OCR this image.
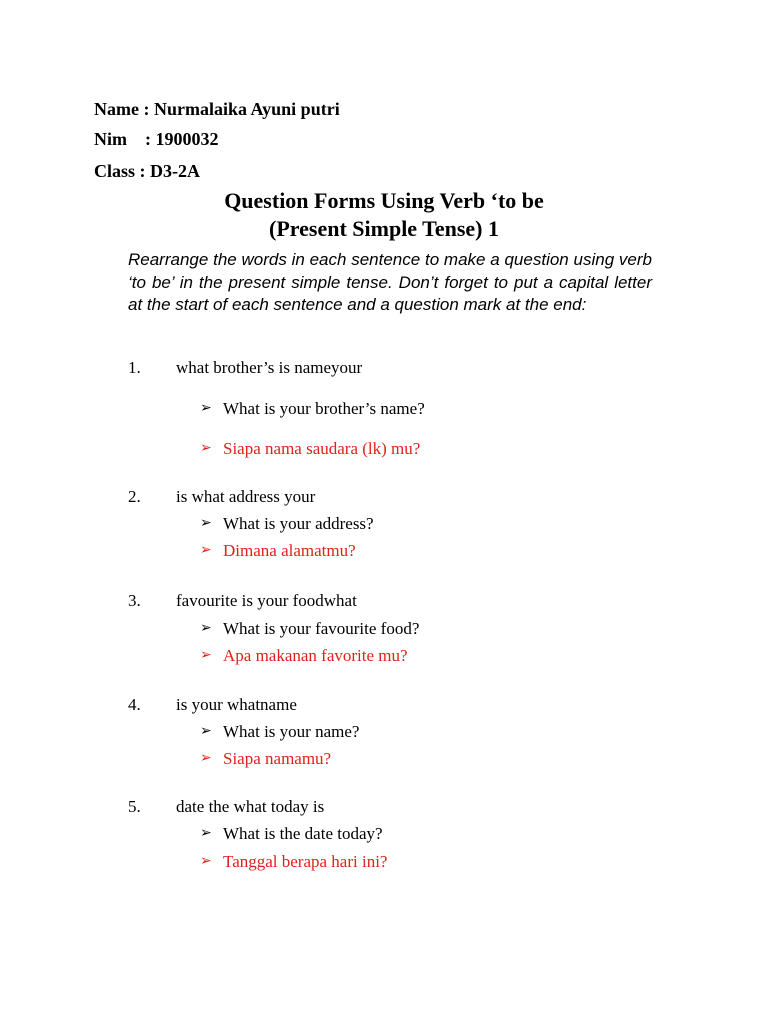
Name : Nurmalaika Ayuni putri
Nim    : 1900032
Class : D3-2A
Question Forms Using Verb ‘to be
(Present Simple Tense) 1
Rearrange the words in each sentence to make a question using verb ‘to be’ in the present simple tense. Don’t forget to put a capital letter at the start of each sentence and a question mark at the end:
1. what brother’s is nameyour
➢ What is your brother’s name?
➢ Siapa nama saudara (lk) mu?
2. is what address your
➢ What is your address?
➢ Dimana alamatmu?
3. favourite is your foodwhat
➢ What is your favourite food?
➢ Apa makanan favorite mu?
4. is your whatname
➢ What is your name?
➢ Siapa namamu?
5. date the what today is
➢ What is the date today?
➢ Tanggal berapa hari ini?
